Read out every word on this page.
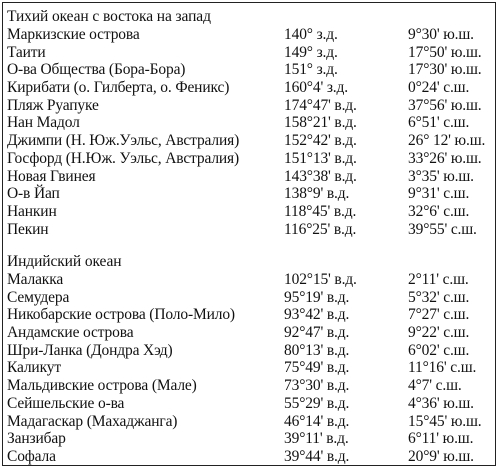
Тихий океан с востока на запад
Маркизские острова	140° з.д.	9°30' ю.ш.
Таити	149° з.д.	17°50' ю.ш.
О-ва Общества (Бора-Бора)	151° з.д.	17°30' ю.ш.
Кирибати (о. Гилберта, о. Феникс)	160°4' з.д.	0°24' с.ш.
Пляж Руапуке	174°47' в.д.	37°56' ю.ш.
Нан Мадол	158°21' в.д.	6°51' с.ш.
Джимпи (Н. Юж.Уэльс, Австралия)	152°42' в.д.	26° 12' ю.ш.
Госфорд (Н.Юж. Уэльс, Австралия)	151°13' в.д.	33°26' ю.ш.
Новая Гвинея	143°38' в.д.	3°35' ю.ш.
О-в Йап	138°9' в.д.	9°31' с.ш.
Нанкин	118°45' в.д.	32°6' с.ш.
Пекин	116°25' в.д.	39°55' с.ш.
Индийский океан
Малакка	102°15' в.д.	2°11' с.ш.
Семудера	95°19' в.д.	5°32' с.ш.
Никобарские острова (Поло-Мило)	93°42' в.д.	7°27' с.ш.
Андамские острова	92°47' в.д.	9°22' с.ш.
Шри-Ланка (Дондра Хэд)	80°13' в.д.	6°02' с.ш.
Каликут	75°49' в.д.	11°16' с.ш.
Мальдивские острова (Мале)	73°30' в.д.	4°7' с.ш.
Сейшельские о-ва	55°29' в.д.	4°36' ю.ш.
Мадагаскар (Махаджанга)	46°14' в.д.	15°45' ю.ш.
Занзибар	39°11' в.д.	6°11' ю.ш.
Софала	39°44' в.д.	20°9' ю.ш.
